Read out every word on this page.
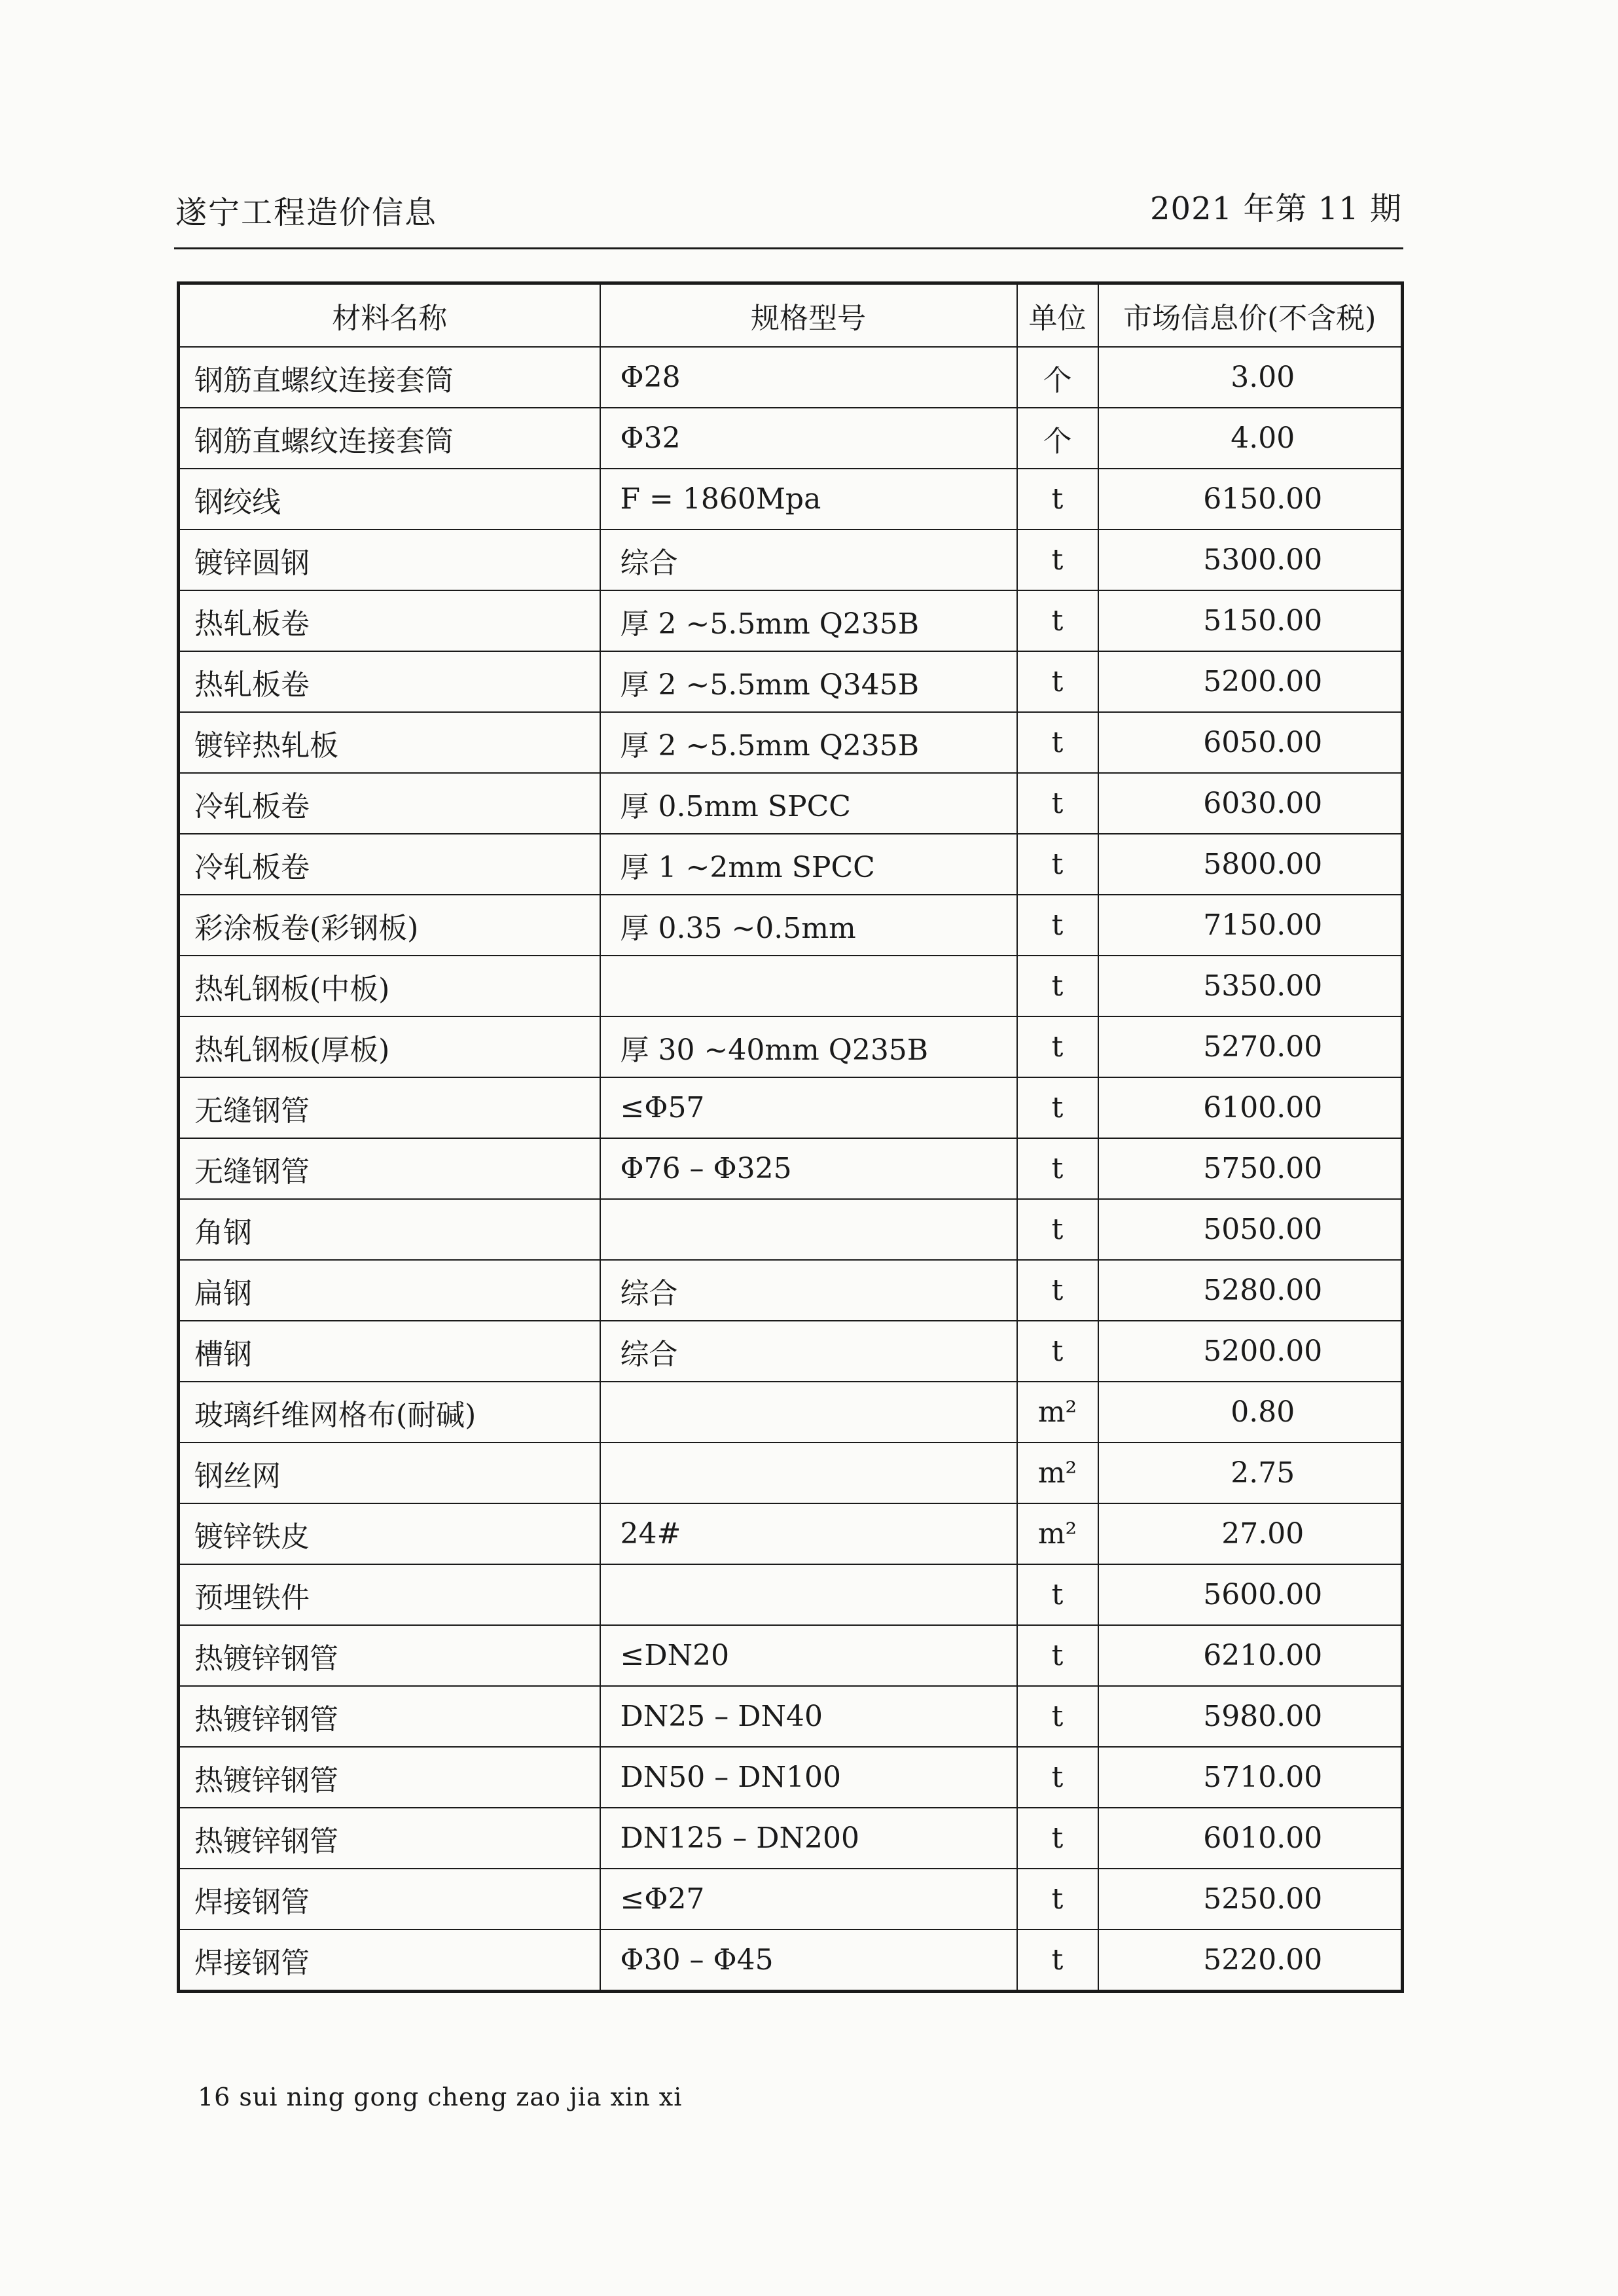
遂宁工程造价信息	2021 年第 11 期
材料名称	规格型号	单位	市场信息价(不含税)
钢筋直螺纹连接套筒	Φ28	个	3.00
钢筋直螺纹连接套筒	Φ32	个	4.00
钢绞线	F = 1860Mpa	t	6150.00
镀锌圆钢	综合	t	5300.00
热轧板卷	厚 2 ~5.5mm Q235B	t	5150.00
热轧板卷	厚 2 ~5.5mm Q345B	t	5200.00
镀锌热轧板	厚 2 ~5.5mm Q235B	t	6050.00
冷轧板卷	厚 0.5mm SPCC	t	6030.00
冷轧板卷	厚 1 ~2mm SPCC	t	5800.00
彩涂板卷(彩钢板)	厚 0.35 ~0.5mm	t	7150.00
热轧钢板(中板)		t	5350.00
热轧钢板(厚板)	厚 30 ~40mm Q235B	t	5270.00
无缝钢管	≤Φ57	t	6100.00
无缝钢管	Φ76 – Φ325	t	5750.00
角钢		t	5050.00
扁钢	综合	t	5280.00
槽钢	综合	t	5200.00
玻璃纤维网格布(耐碱)		m²	0.80
钢丝网		m²	2.75
镀锌铁皮	24#	m²	27.00
预埋铁件		t	5600.00
热镀锌钢管	≤DN20	t	6210.00
热镀锌钢管	DN25 – DN40	t	5980.00
热镀锌钢管	DN50 – DN100	t	5710.00
热镀锌钢管	DN125 – DN200	t	6010.00
焊接钢管	≤Φ27	t	5250.00
焊接钢管	Φ30 – Φ45	t	5220.00
16 sui ning gong cheng zao jia xin xi
